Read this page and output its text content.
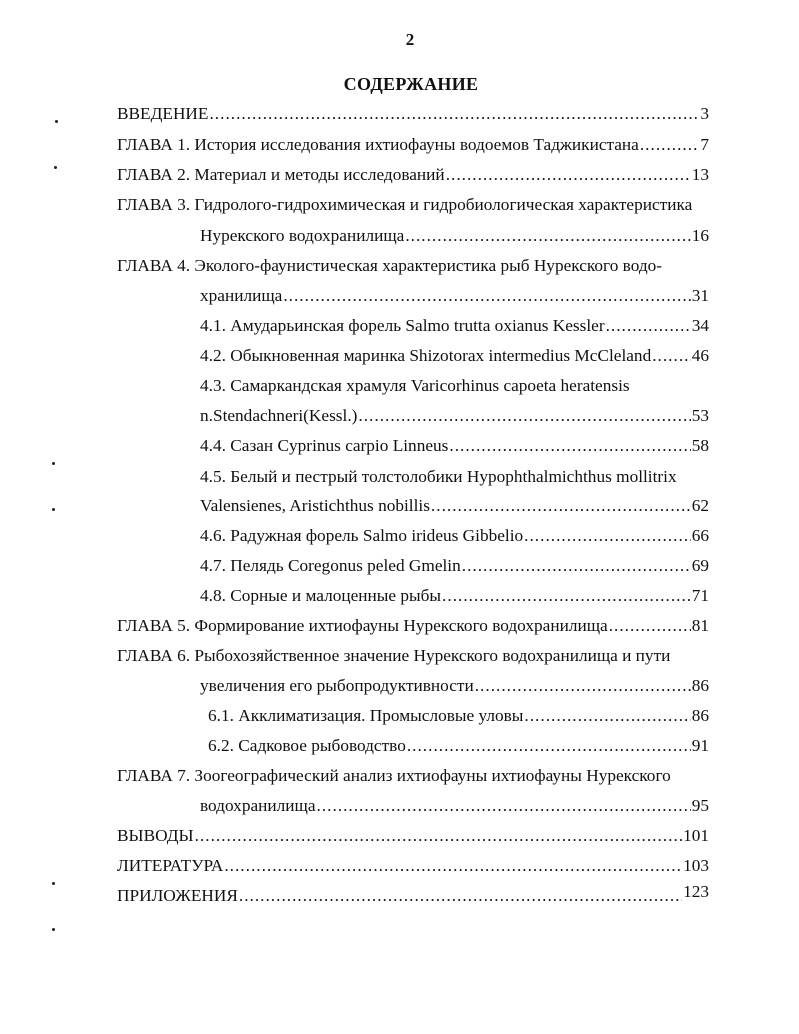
2
СОДЕРЖАНИЕ
ВВЕДЕНИЕ .....	3
ГЛАВА 1. История исследования ихтиофауны водоемов Таджикистана .....	7
ГЛАВА 2. Материал и методы исследований .....	13
ГЛАВА 3. Гидролого-гидрохимическая и гидробиологическая характеристика
Нурекского водохранилища .....	16
ГЛАВА 4. Эколого-фаунистическая характеристика рыб Нурекского водо-
хранилища .....	31
4.1. Амударьинская форель Salmo trutta oxianus Kessler .....	34
4.2. Обыкновенная маринка Shizotorax intermedius McCleland ..... 46
4.3. Самаркандская храмуля Varicorhinus capoeta heratensis
n.Stendachneri(Kessl.) .....	53
4.4. Сазан Cyprinus carpio Linneus .....	58
4.5. Белый и пестрый толстолобики Hypophthalmichthus mollitrix
Valensienes, Aristichthus nobillis .....	62
4.6. Радужная форель Salmo irideus Gibbelio .....	66
4.7. Пелядь Coregonus peled Gmelin .....	69
4.8. Сорные и малоценные рыбы .....	71
ГЛАВА 5. Формирование ихтиофауны Нурекского водохранилища .....	81
ГЛАВА 6. Рыбохозяйственное значение Нурекского водохранилища и пути
увеличения его рыбопродуктивности .....	86
6.1. Акклиматизация. Промысловые уловы .....	86
6.2. Садковое рыбоводство .....	91
ГЛАВА 7. Зоогеографический анализ ихтиофауны ихтиофауны Нурекского
водохранилища .....	95
ВЫВОДЫ .....	101
ЛИТЕРАТУРА .....	103
ПРИЛОЖЕНИЯ .....	123
